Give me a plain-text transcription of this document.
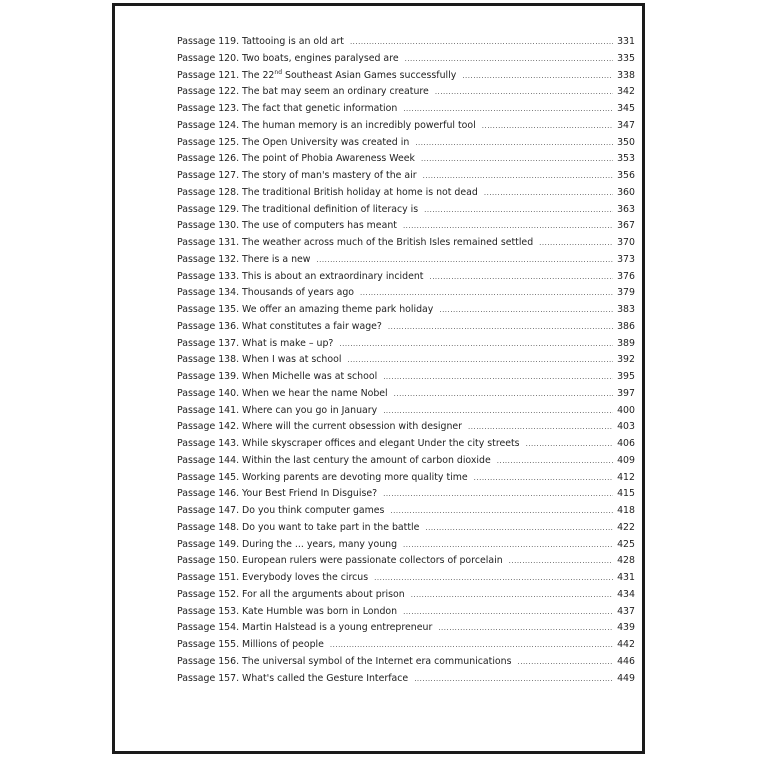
Passage 119. Tattooing is an old art .....	331
Passage 120. Two boats, engines paralysed are .....	335
Passage 121. The 22nd Southeast Asian Games successfully .....	338
Passage 122. The bat may seem an ordinary creature .....	342
Passage 123. The fact that genetic information .....	345
Passage 124. The human memory is an incredibly powerful tool .....	347
Passage 125. The Open University was created in .....	350
Passage 126. The point of Phobia Awareness Week .....	353
Passage 127. The story of man's mastery of the air .....	356
Passage 128. The traditional British holiday at home is not dead .....	360
Passage 129. The traditional definition of literacy is .....	363
Passage 130. The use of computers has meant .....	367
Passage 131. The weather across much of the British Isles remained settled .....	370
Passage 132. There is a new .....	373
Passage 133. This is about an extraordinary incident .....	376
Passage 134. Thousands of years ago .....	379
Passage 135. We offer an amazing theme park holiday .....	383
Passage 136. What constitutes a fair wage? .....	386
Passage 137. What is make – up? .....	389
Passage 138. When I was at school .....	392
Passage 139. When Michelle was at school .....	395
Passage 140. When we hear the name Nobel .....	397
Passage 141. Where can you go in January .....	400
Passage 142. Where will the current obsession with designer .....	403
Passage 143. While skyscraper offices and elegant Under the city streets .....	406
Passage 144. Within the last century the amount of carbon dioxide .....	409
Passage 145. Working parents are devoting more quality time .....	412
Passage 146. Your Best Friend In Disguise? .....	415
Passage 147. Do you think computer games .....	418
Passage 148. Do you want to take part in the battle .....	422
Passage 149. During the ... years, many young .....	425
Passage 150. European rulers were passionate collectors of porcelain .....	428
Passage 151. Everybody loves the circus .....	431
Passage 152. For all the arguments about prison .....	434
Passage 153. Kate Humble was born in London .....	437
Passage 154. Martin Halstead is a young entrepreneur .....	439
Passage 155. Millions of people .....	442
Passage 156. The universal symbol of the Internet era communications .....	446
Passage 157. What's called the Gesture Interface .....	449
